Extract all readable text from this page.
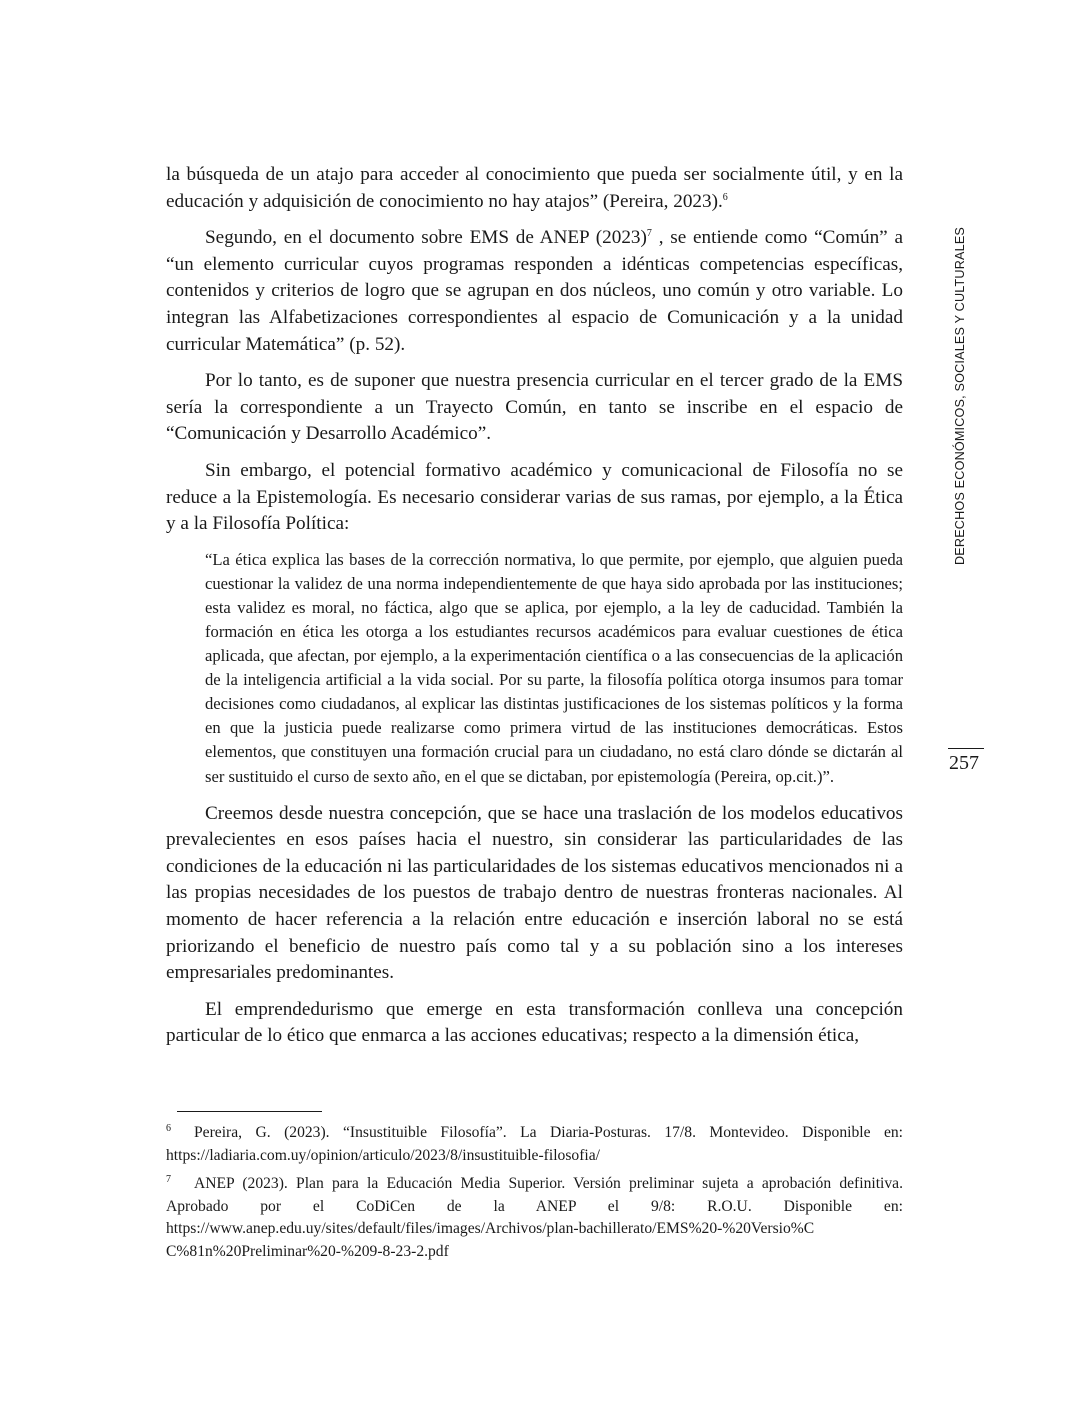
la búsqueda de un atajo para acceder al conocimiento que pueda ser socialmente útil, y en la educación y adquisición de conocimiento no hay atajos” (Pereira, 2023).$^6$

Segundo, en el documento sobre EMS de ANEP $(2023)^7$ , se entiende como “Común” a “un elemento curricular cuyos programas responden a idénticas competencias específicas, contenidos y criterios de logro que se agrupan en dos núcleos, uno común y otro variable. Lo integran las Alfabetizaciones correspondientes al espacio de Comunicación y a la unidad curricular Matemática” (p. 52).

Por lo tanto, es de suponer que nuestra presencia curricular en el tercer grado de la EMS sería la correspondiente a un Trayecto Común, en tanto se inscribe en el espacio de “Comunicación y Desarrollo Académico”.

Sin embargo, el potencial formativo académico y comunicacional de Filosofía no se reduce a la Epistemología. Es necesario considerar varias de sus ramas, por ejemplo, a la Ética y a la Filosofía Política:

“La ética explica las bases de la corrección normativa, lo que permite, por ejemplo, que alguien pueda cuestionar la validez de una norma independientemente de que haya sido aprobada por las instituciones; esta validez es moral, no fáctica, algo que se aplica, por ejemplo, a la ley de caducidad. También la formación en ética les otorga a los estudiantes recursos académicos para evaluar cuestiones de ética aplicada, que afectan, por ejemplo, a la experimentación científica o a las consecuencias de la aplicación de la inteligencia artificial a la vida social. Por su parte, la filosofía política otorga insumos para tomar decisiones como ciudadanos, al explicar las distintas justificaciones de los sistemas políticos y la forma en que la justicia puede realizarse como primera virtud de las instituciones democráticas. Estos elementos, que constituyen una formación crucial para un ciudadano, no está claro dónde se dictarán al ser sustituido el curso de sexto año, en el que se dictaban, por epistemología (Pereira, op.cit.)”.

Creemos desde nuestra concepción, que se hace una traslación de los modelos educativos prevalecientes en esos países hacia el nuestro, sin considerar las particularidades de las condiciones de la educación ni las particularidades de los sistemas educativos mencionados ni a las propias necesidades de los puestos de trabajo dentro de nuestras fronteras nacionales. Al momento de hacer referencia a la relación entre educación e inserción laboral no se está priorizando el beneficio de nuestro país como tal y a su población sino a los intereses empresariales predominantes.

El emprendedurismo que emerge en esta transformación conlleva una concepción particular de lo ético que enmarca a las acciones educativas; respecto a la dimensión ética,

DERECHOS ECONÓMICOS, SOCIALES Y CULTURALES
257

6 Pereira, G. (2023). “Insustituible Filosofía”. La Diaria-Posturas. 17/8. Montevideo. Disponible en: https://ladiaria.com.uy/opinion/articulo/2023/8/insustituible-filosofia/

7 ANEP (2023). Plan para la Educación Media Superior. Versión preliminar sujeta a aprobación definitiva. Aprobado por el CoDiCen de la ANEP el 9/8: R.O.U. Disponible en: https://www.anep.edu.uy/sites/default/files/images/Archivos/plan-bachillerato/EMS%20-%20Versio%C C%81n%20Preliminar%20-%209-8-23-2.pdf
